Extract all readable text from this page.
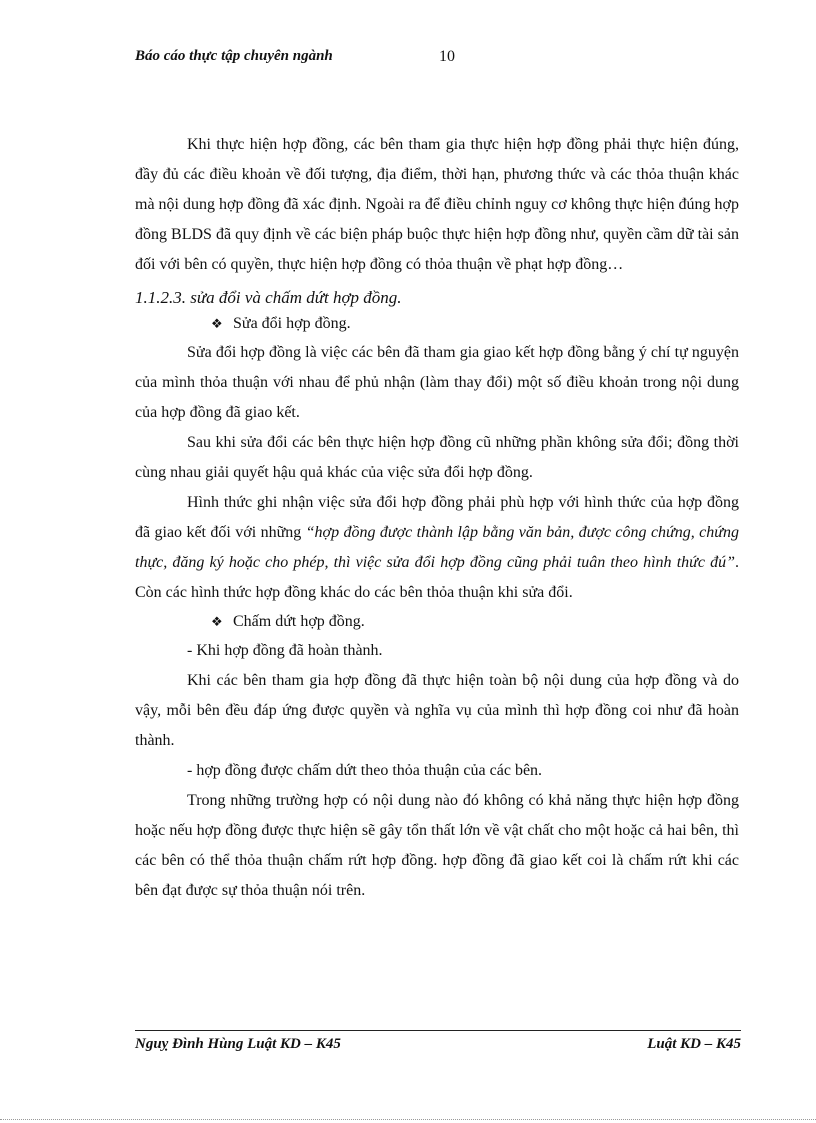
Báo cáo thực tập chuyên ngành	10

Khi thực hiện hợp đồng, các bên tham gia thực hiện hợp đồng phải thực hiện đúng, đầy đủ các điều khoản về đối tượng, địa điểm, thời hạn, phương thức và các thỏa thuận khác mà nội dung hợp đồng đã xác định. Ngoài ra để điều chỉnh nguy cơ không thực hiện đúng hợp đồng BLDS đã quy định về các biện pháp buộc thực hiện hợp đồng như, quyền cầm dữ tài sản đối với bên có quyền, thực hiện hợp đồng có thỏa thuận về phạt hợp đồng…

1.1.2.3. sửa đổi và chấm dứt hợp đồng.

❖ Sửa đổi hợp đồng.

Sửa đổi hợp đồng là việc các bên đã tham gia giao kết hợp đồng bằng ý chí tự nguyện của mình thỏa thuận với nhau để phủ nhận (làm thay đổi) một số điều khoản trong nội dung của hợp đồng đã giao kết.

Sau khi sửa đổi các bên thực hiện hợp đồng cũ những phần không sửa đổi; đồng thời cùng nhau giải quyết hậu quả khác của việc sửa đổi hợp đồng.

Hình thức ghi nhận việc sửa đổi hợp đồng phải phù hợp với hình thức của hợp đồng đã giao kết đối với những “hợp đồng được thành lập bằng văn bản, được công chứng, chứng thực, đăng ký hoặc cho phép, thì việc sửa đổi hợp đồng cũng phải tuân theo hình thức đú”. Còn các hình thức hợp đồng khác do các bên thỏa thuận khi sửa đổi.

❖ Chấm dứt hợp đồng.

- Khi hợp đồng đã hoàn thành.

Khi các bên tham gia hợp đồng đã thực hiện toàn bộ nội dung của hợp đồng và do vậy, mỗi bên đều đáp ứng được quyền và nghĩa vụ của mình thì hợp đồng coi như đã hoàn thành.

- hợp đồng được chấm dứt theo thỏa thuận của các bên.

Trong những trường hợp có nội dung nào đó không có khả năng thực hiện hợp đồng hoặc nếu hợp đồng được thực hiện sẽ gây tổn thất lớn về vật chất cho một hoặc cả hai bên, thì các bên có thể thỏa thuận chấm rứt hợp đồng. hợp đồng đã giao kết coi là chấm rứt khi các bên đạt được sự thỏa thuận nói trên.

Nguỵ Đình Hùng Luật KD – K45	Luật KD – K45
